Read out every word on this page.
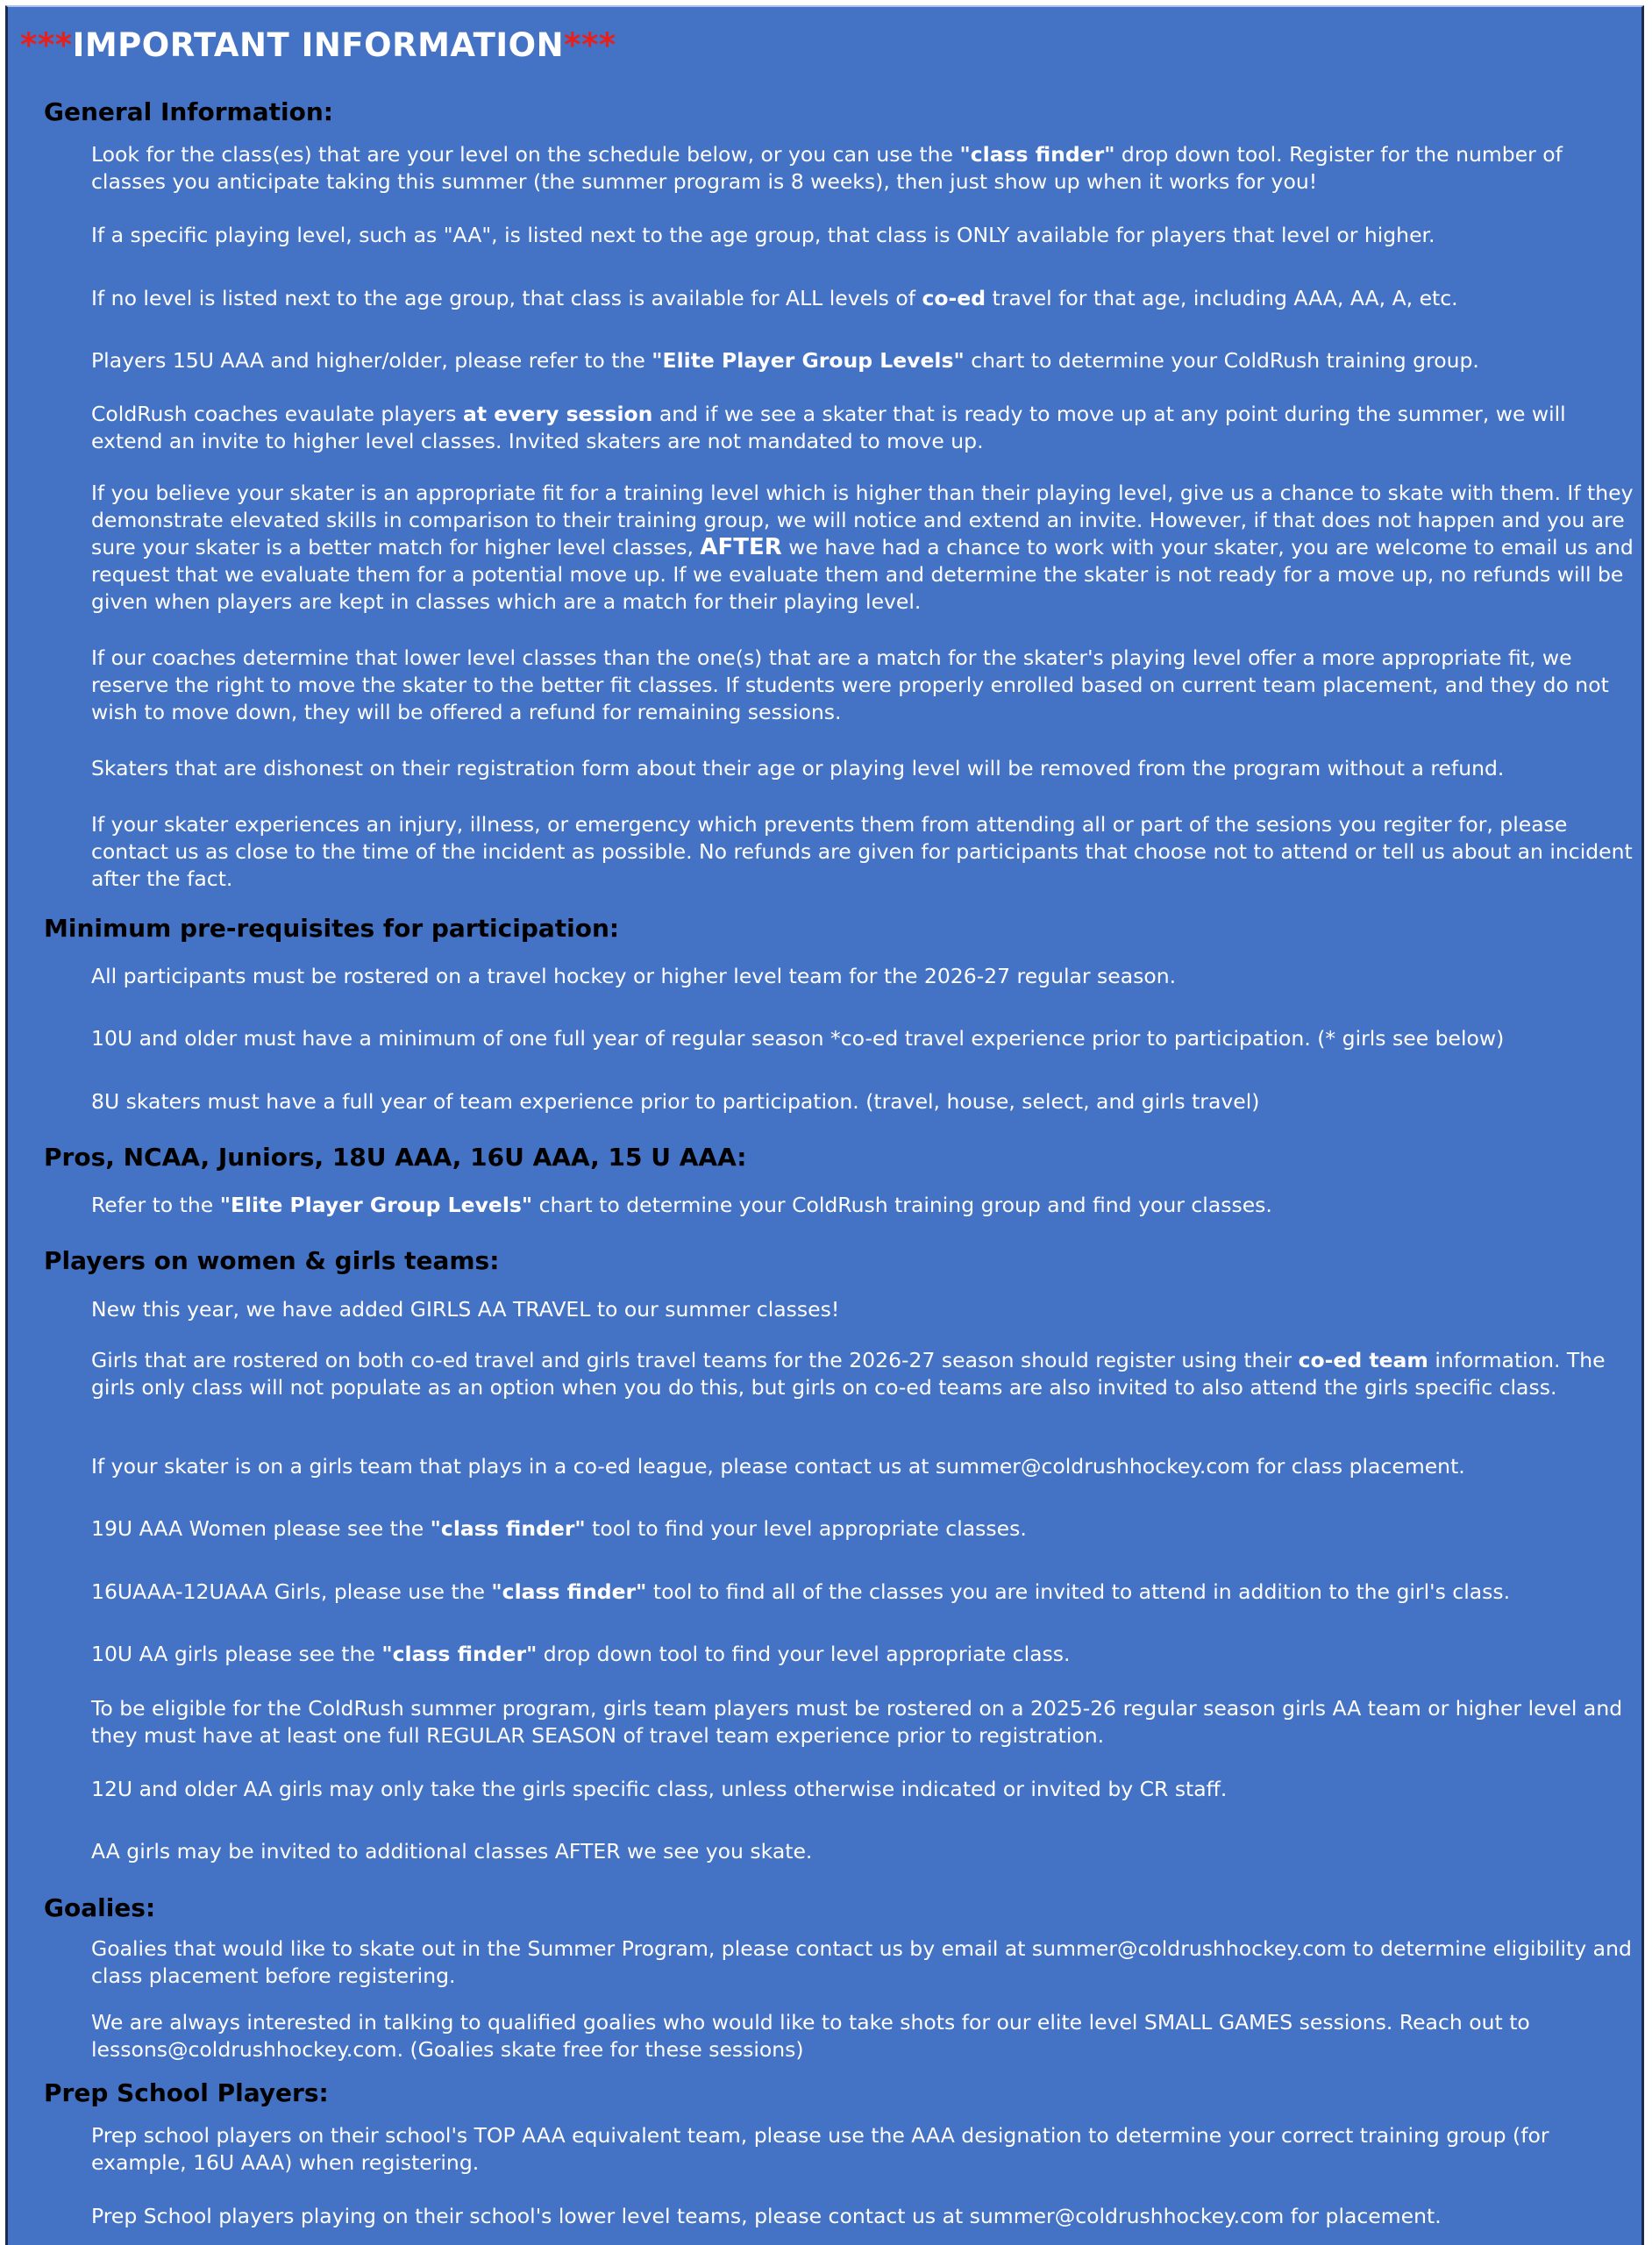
***IMPORTANT INFORMATION***
General Information:

Look for the class(es) that are your level on the schedule below, or you can use the "class finder" drop down tool. Register for the number of classes you anticipate taking this summer (the summer program is 8 weeks), then just show up when it works for you!

If a specific playing level, such as "AA", is listed next to the age group, that class is ONLY available for players that level or higher.

If no level is listed next to the age group, that class is available for ALL levels of co-ed travel for that age, including AAA, AA, A, etc.

Players 15U AAA and higher/older, please refer to the "Elite Player Group Levels" chart to determine your ColdRush training group.

ColdRush coaches evaulate players at every session and if we see a skater that is ready to move up at any point during the summer, we will extend an invite to higher level classes. Invited skaters are not mandated to move up.

If you believe your skater is an appropriate fit for a training level which is higher than their playing level, give us a chance to skate with them. If they demonstrate elevated skills in comparison to their training group, we will notice and extend an invite. However, if that does not happen and you are sure your skater is a better match for higher level classes, AFTER we have had a chance to work with your skater, you are welcome to email us and request that we evaluate them for a potential move up. If we evaluate them and determine the skater is not ready for a move up, no refunds will be given when players are kept in classes which are a match for their playing level.

If our coaches determine that lower level classes than the one(s) that are a match for the skater's playing level offer a more appropriate fit, we reserve the right to move the skater to the better fit classes. If students were properly enrolled based on current team placement, and they do not wish to move down, they will be offered a refund for remaining sessions.

Skaters that are dishonest on their registration form about their age or playing level will be removed from the program without a refund.

If your skater experiences an injury, illness, or emergency which prevents them from attending all or part of the sesions you regiter for, please contact us as close to the time of the incident as possible. No refunds are given for participants that choose not to attend or tell us about an incident after the fact.

Minimum pre-requisites for participation:

All participants must be rostered on a travel hockey or higher level team for the 2026-27 regular season.

10U and older must have a minimum of one full year of regular season *co-ed travel experience prior to participation. (* girls see below)

8U skaters must have a full year of team experience prior to participation. (travel, house, select, and girls travel)

Pros, NCAA, Juniors, 18U AAA, 16U AAA, 15 U AAA:

Refer to the "Elite Player Group Levels" chart to determine your ColdRush training group and find your classes.

Players on women & girls teams:

New this year, we have added GIRLS AA TRAVEL to our summer classes!

Girls that are rostered on both co-ed travel and girls travel teams for the 2026-27 season should register using their co-ed team information. The girls only class will not populate as an option when you do this, but girls on co-ed teams are also invited to also attend the girls specific class.

If your skater is on a girls team that plays in a co-ed league, please contact us at summer@coldrushhockey.com for class placement.

19U AAA Women please see the "class finder" tool to find your level appropriate classes.

16UAAA-12UAAA Girls, please use the "class finder" tool to find all of the classes you are invited to attend in addition to the girl's class.

10U AA girls please see the "class finder" drop down tool to find your level appropriate class.

To be eligible for the ColdRush summer program, girls team players must be rostered on a 2025-26 regular season girls AA team or higher level and they must have at least one full REGULAR SEASON of travel team experience prior to registration.

12U and older AA girls may only take the girls specific class, unless otherwise indicated or invited by CR staff.

AA girls may be invited to additional classes AFTER we see you skate.

Goalies:

Goalies that would like to skate out in the Summer Program, please contact us by email at summer@coldrushhockey.com to determine eligibility and class placement before registering.

We are always interested in talking to qualified goalies who would like to take shots for our elite level SMALL GAMES sessions. Reach out to lessons@coldrushhockey.com. (Goalies skate free for these sessions)

Prep School Players:

Prep school players on their school's TOP AAA equivalent team, please use the AAA designation to determine your correct training group (for example, 16U AAA) when registering.

Prep School players playing on their school's lower level teams, please contact us at summer@coldrushhockey.com for placement.
